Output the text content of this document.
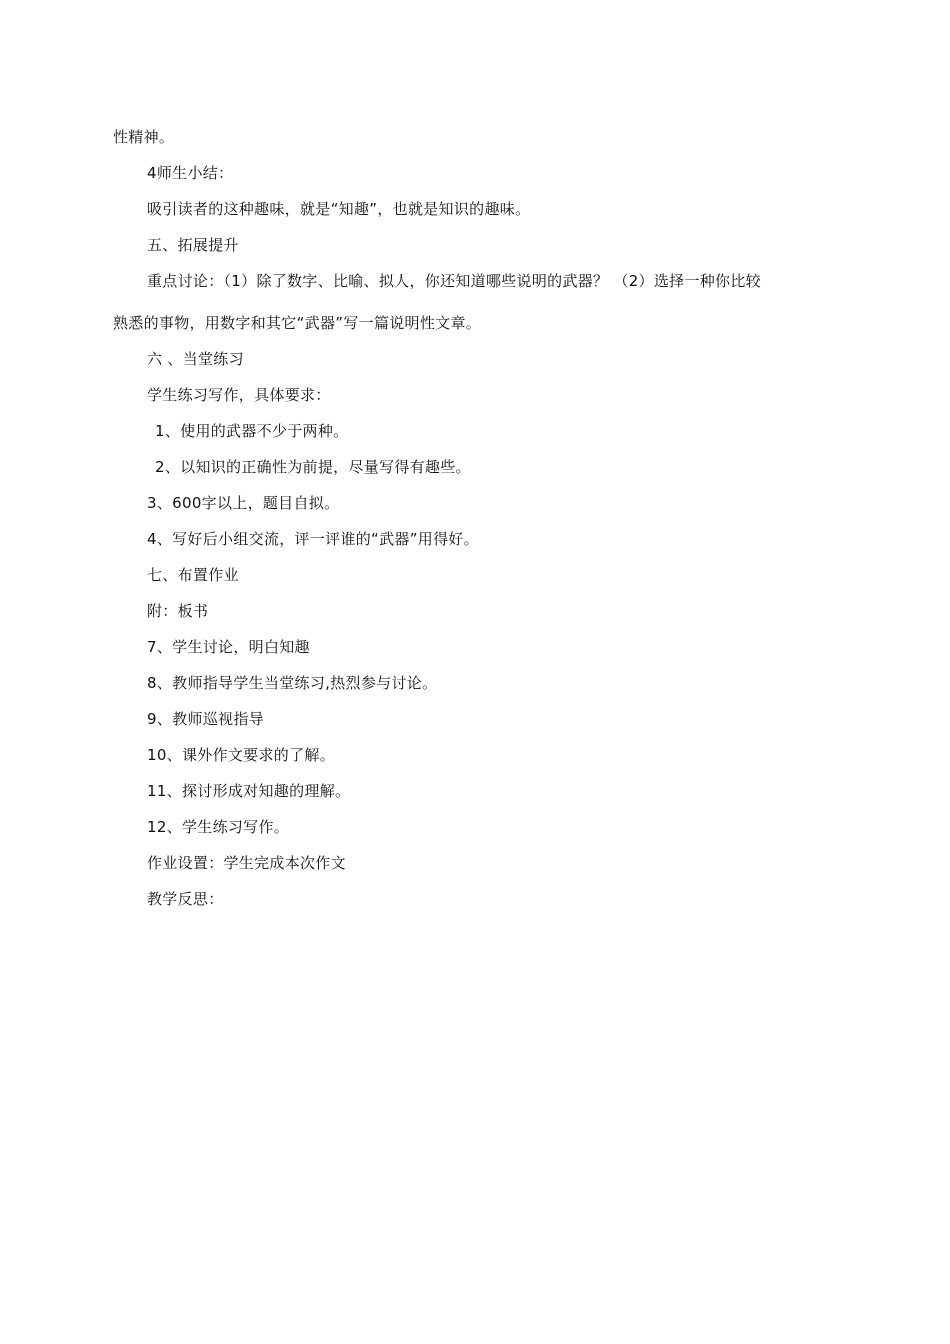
性精神。
4师生小结：
吸引读者的这种趣味，就是“知趣”，也就是知识的趣味。
五、拓展提升
重点讨论：（1）除了数字、比喻、拟人，你还知道哪些说明的武器？ （2）选择一种你比较
熟悉的事物，用数字和其它“武器”写一篇说明性文章。
六 、当堂练习
学生练习写作，具体要求：
1、使用的武器不少于两种。
2、以知识的正确性为前提，尽量写得有趣些。
3、600字以上，题目自拟。
4、写好后小组交流，评一评谁的“武器”用得好。
七、布置作业
附：板书
7、学生讨论，明白知趣
8、教师指导学生当堂练习,热烈参与讨论。
9、教师巡视指导
10、课外作文要求的了解。
11、探讨形成对知趣的理解。
12、学生练习写作。
作业设置：学生完成本次作文
教学反思：
